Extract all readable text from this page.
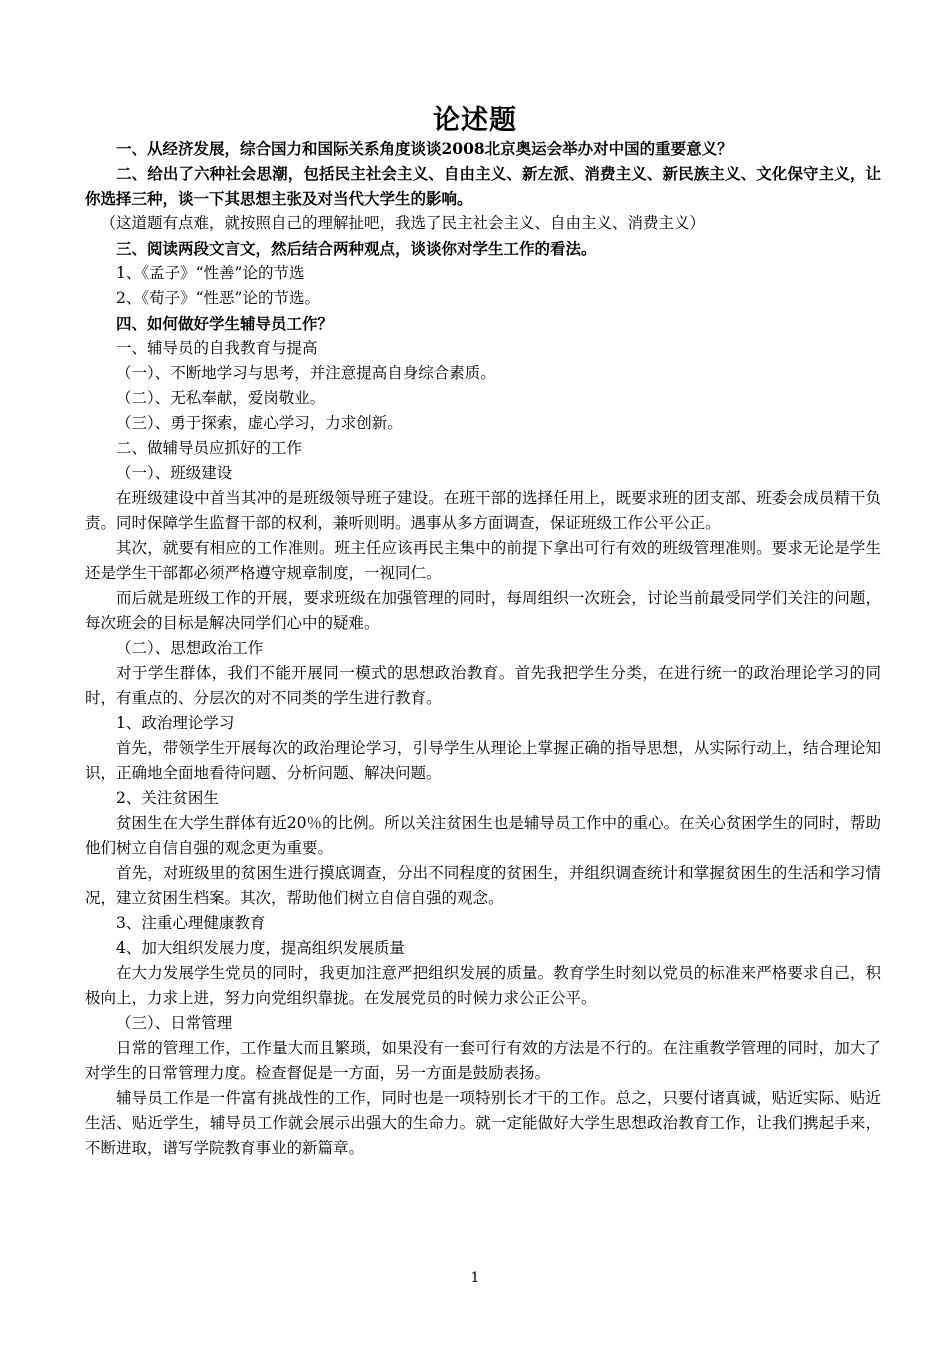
论述题

一、从经济发展，综合国力和国际关系角度谈谈2008北京奥运会举办对中国的重要意义？

二、给出了六种社会思潮，包括民主社会主义、自由主义、新左派、消费主义、新民族主义、文化保守主义，让你选择三种，谈一下其思想主张及对当代大学生的影响。

（这道题有点难，就按照自己的理解扯吧，我选了民主社会主义、自由主义、消费主义）

三、阅读两段文言文，然后结合两种观点，谈谈你对学生工作的看法。

1、《孟子》“性善”论的节选

2、《荀子》“性恶”论的节选。

四、如何做好学生辅导员工作？

一、辅导员的自我教育与提高

（一）、不断地学习与思考，并注意提高自身综合素质。

（二）、无私奉献，爱岗敬业。

（三）、勇于探索，虚心学习，力求创新。

二、做辅导员应抓好的工作

（一）、班级建设

在班级建设中首当其冲的是班级领导班子建设。在班干部的选择任用上，既要求班的团支部、班委会成员精干负责。同时保障学生监督干部的权利，兼听则明。遇事从多方面调查，保证班级工作公平公正。

其次，就要有相应的工作准则。班主任应该再民主集中的前提下拿出可行有效的班级管理准则。要求无论是学生还是学生干部都必须严格遵守规章制度，一视同仁。

而后就是班级工作的开展，要求班级在加强管理的同时，每周组织一次班会，讨论当前最受同学们关注的问题，每次班会的目标是解决同学们心中的疑难。

（二）、思想政治工作

对于学生群体，我们不能开展同一模式的思想政治教育。首先我把学生分类，在进行统一的政治理论学习的同时，有重点的、分层次的对不同类的学生进行教育。

1、政治理论学习

首先，带领学生开展每次的政治理论学习，引导学生从理论上掌握正确的指导思想，从实际行动上，结合理论知识，正确地全面地看待问题、分析问题、解决问题。

2、关注贫困生

贫困生在大学生群体有近20％的比例。所以关注贫困生也是辅导员工作中的重心。在关心贫困学生的同时，帮助他们树立自信自强的观念更为重要。

首先，对班级里的贫困生进行摸底调查，分出不同程度的贫困生，并组织调查统计和掌握贫困生的生活和学习情况，建立贫困生档案。其次，帮助他们树立自信自强的观念。

3、注重心理健康教育

4、加大组织发展力度，提高组织发展质量

在大力发展学生党员的同时，我更加注意严把组织发展的质量。教育学生时刻以党员的标准来严格要求自己，积极向上，力求上进，努力向党组织靠拢。在发展党员的时候力求公正公平。

（三）、日常管理

日常的管理工作，工作量大而且繁琐，如果没有一套可行有效的方法是不行的。在注重教学管理的同时，加大了对学生的日常管理力度。检查督促是一方面，另一方面是鼓励表扬。

辅导员工作是一件富有挑战性的工作，同时也是一项特别长才干的工作。总之，只要付诸真诚，贴近实际、贴近生活、贴近学生，辅导员工作就会展示出强大的生命力。就一定能做好大学生思想政治教育工作，让我们携起手来，不断进取，谱写学院教育事业的新篇章。

1
